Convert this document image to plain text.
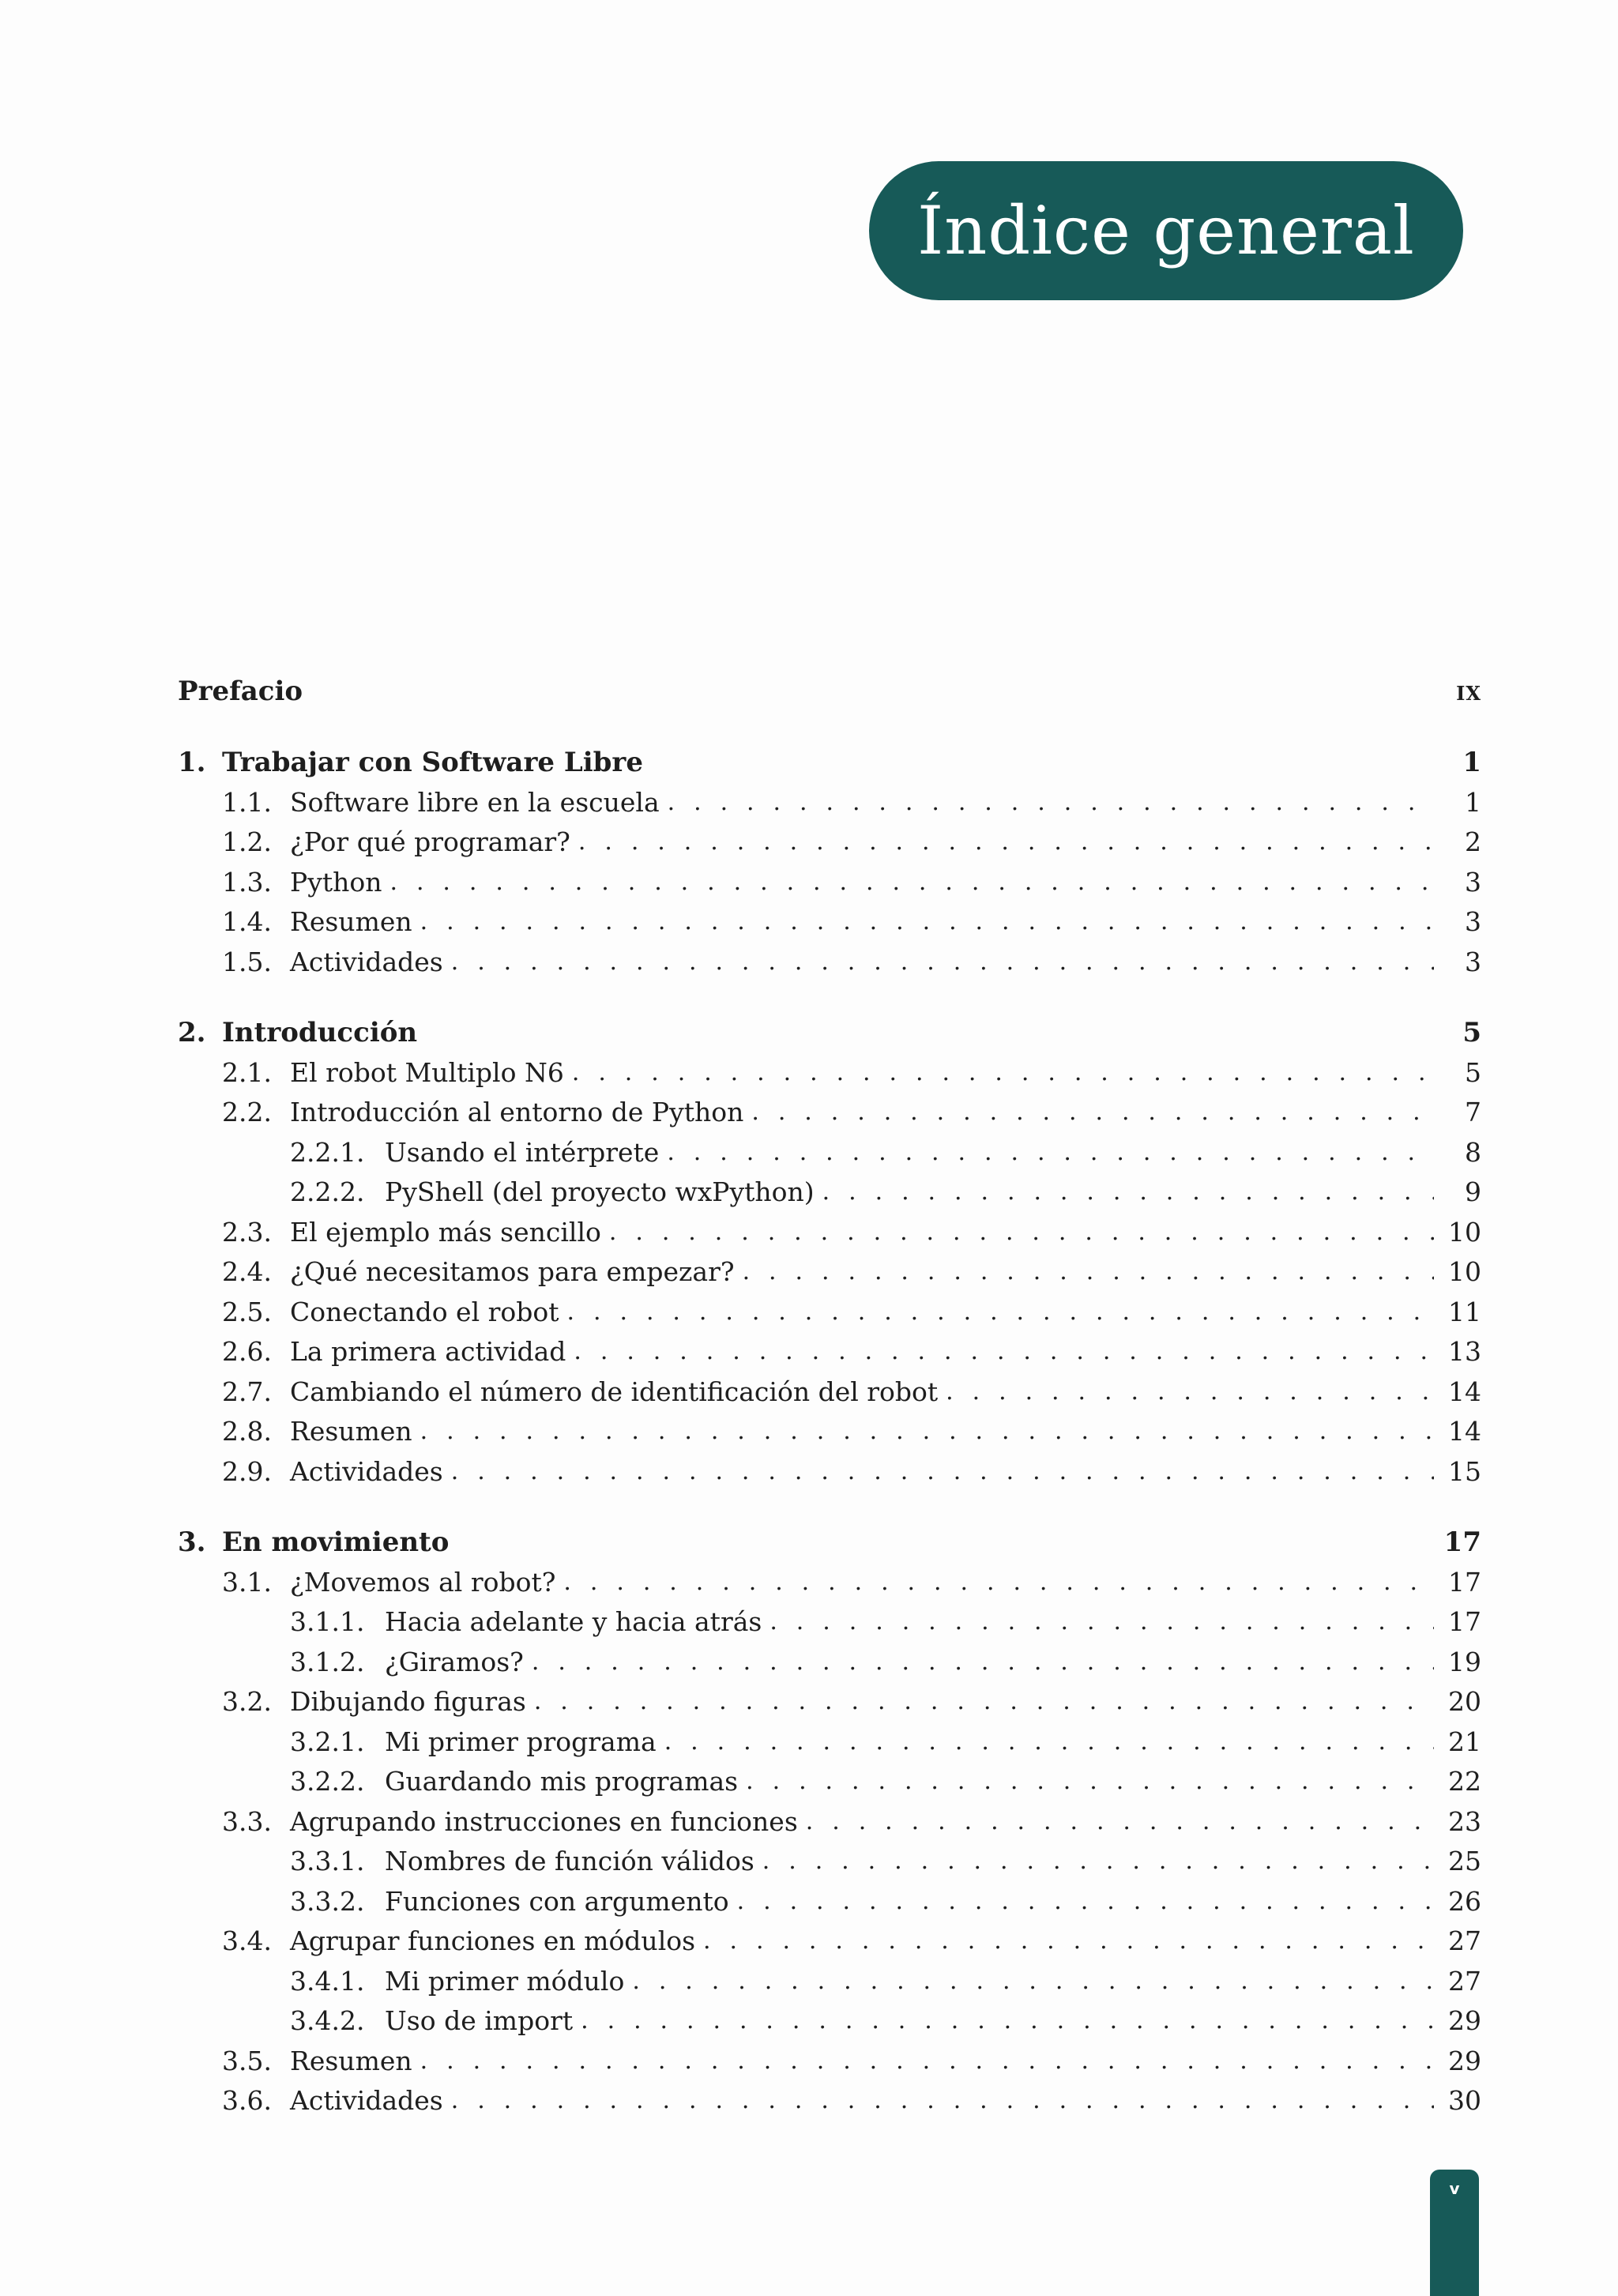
Índice general
Prefacio	ix
1. Trabajar con Software Libre	1
1.1. Software libre en la escuela . . .	1
1.2. ¿Por qué programar? . . .	2
1.3. Python . . .	3
1.4. Resumen . . .	3
1.5. Actividades . . .	3
2. Introducción	5
2.1. El robot Multiplo N6 . . .	5
2.2. Introducción al entorno de Python . . .	7
2.2.1. Usando el intérprete . . .	8
2.2.2. PyShell (del proyecto wxPython) . . .	9
2.3. El ejemplo más sencillo . . .	10
2.4. ¿Qué necesitamos para empezar? . . .	10
2.5. Conectando el robot . . .	11
2.6. La primera actividad . . .	13
2.7. Cambiando el número de identificación del robot . . .	14
2.8. Resumen . . .	14
2.9. Actividades . . .	15
3. En movimiento	17
3.1. ¿Movemos al robot? . . .	17
3.1.1. Hacia adelante y hacia atrás . . .	17
3.1.2. ¿Giramos? . . .	19
3.2. Dibujando figuras . . .	20
3.2.1. Mi primer programa . . .	21
3.2.2. Guardando mis programas . . .	22
3.3. Agrupando instrucciones en funciones . . .	23
3.3.1. Nombres de función válidos . . .	25
3.3.2. Funciones con argumento . . .	26
3.4. Agrupar funciones en módulos . . .	27
3.4.1. Mi primer módulo . . .	27
3.4.2. Uso de import . . .	29
3.5. Resumen . . .	29
3.6. Actividades . . .	30
v
